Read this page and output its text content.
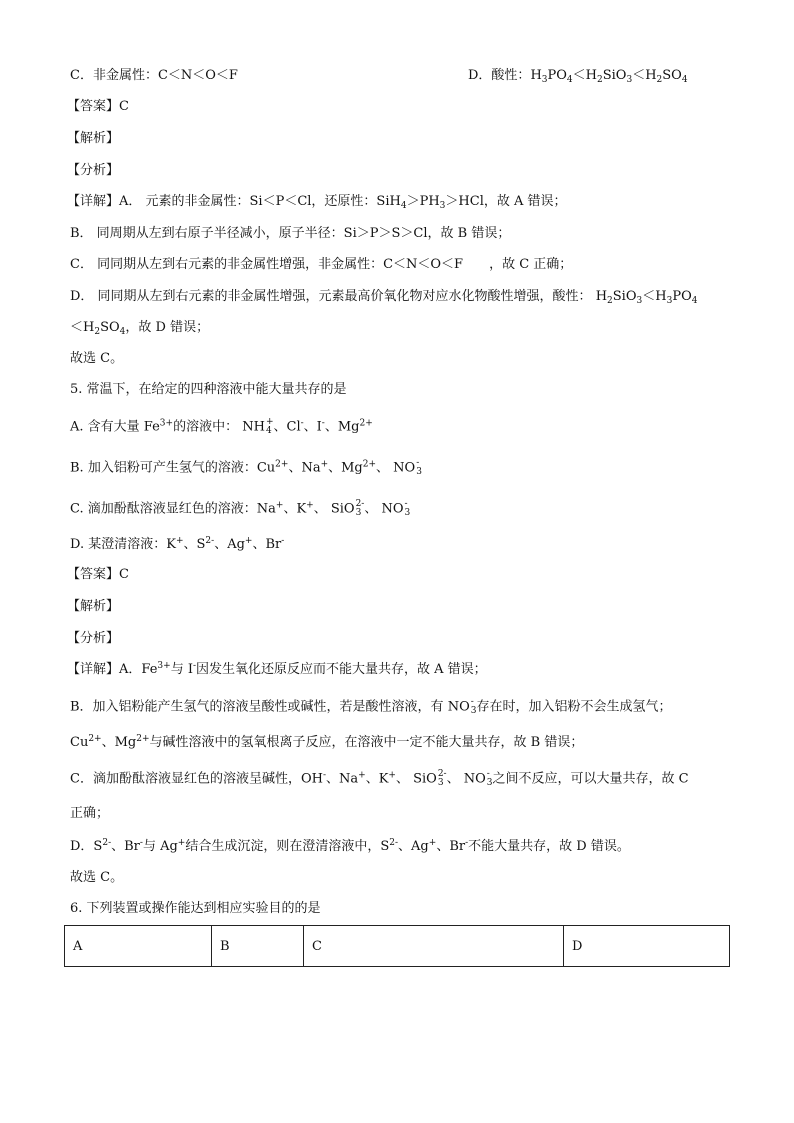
C．非金属性：C＜N＜O＜F	D．酸性：$H_3PO_4<H_2SiO_3<H_2SO_4$
【答案】C
【解析】
【分析】
【详解】A． 元素的非金属性：Si＜P＜Cl，还原性：$SiH_4>PH_3>HCl$，故 A 错误；
B． 同周期从左到右原子半径减小，原子半径：Si＞P＞S＞Cl，故 B 错误；
C． 同同期从左到右元素的非金属性增强，非金属性：C＜N＜O＜F　　，故 C 正确；
D． 同同期从左到右元素的非金属性增强，元素最高价氧化物对应水化物酸性增强，酸性： $H_2SiO_3<H_3PO_4$
$<H_2SO_4$，故 D 错误；
故选 C。
5. 常温下，在给定的四种溶液中能大量共存的是
A. 含有大量 $Fe^{3+}$的溶液中： NH +
4 、Cl-、I-、$Mg^{2+}$
B. 加入铝粉可产生氢气的溶液：$Cu^{2+}$、Na+、$Mg^{2+}$、 NO -
3
C. 滴加酚酞溶液显红色的溶液：Na+、K+、 SiO 2-
3 、 NO -
3
D. 某澄清溶液：K+、$S^{2-}$、Ag+、Br-
【答案】C
【解析】
【分析】
【详解】A．$Fe^{3+}$与 I-因发生氧化还原反应而不能大量共存，故 A 错误；
B．加入铝粉能产生氢气的溶液呈酸性或碱性，若是酸性溶液，有 NO -
3 存在时，加入铝粉不会生成氢气；
$Cu^{2+}$、$Mg^{2+}$与碱性溶液中的氢氧根离子反应，在溶液中一定不能大量共存，故 B 错误；
C．滴加酚酞溶液显红色的溶液呈碱性，OH-、Na+、K+、 SiO 2-
3 、 NO -
3 之间不反应，可以大量共存，故 C
正确；
D．$S^{2-}$、Br-与 Ag+结合生成沉淀，则在澄清溶液中，$S^{2-}$、Ag+、Br-不能大量共存，故 D 错误。
故选 C。
6. 下列装置或操作能达到相应实验目的的是
A	B	C	D
